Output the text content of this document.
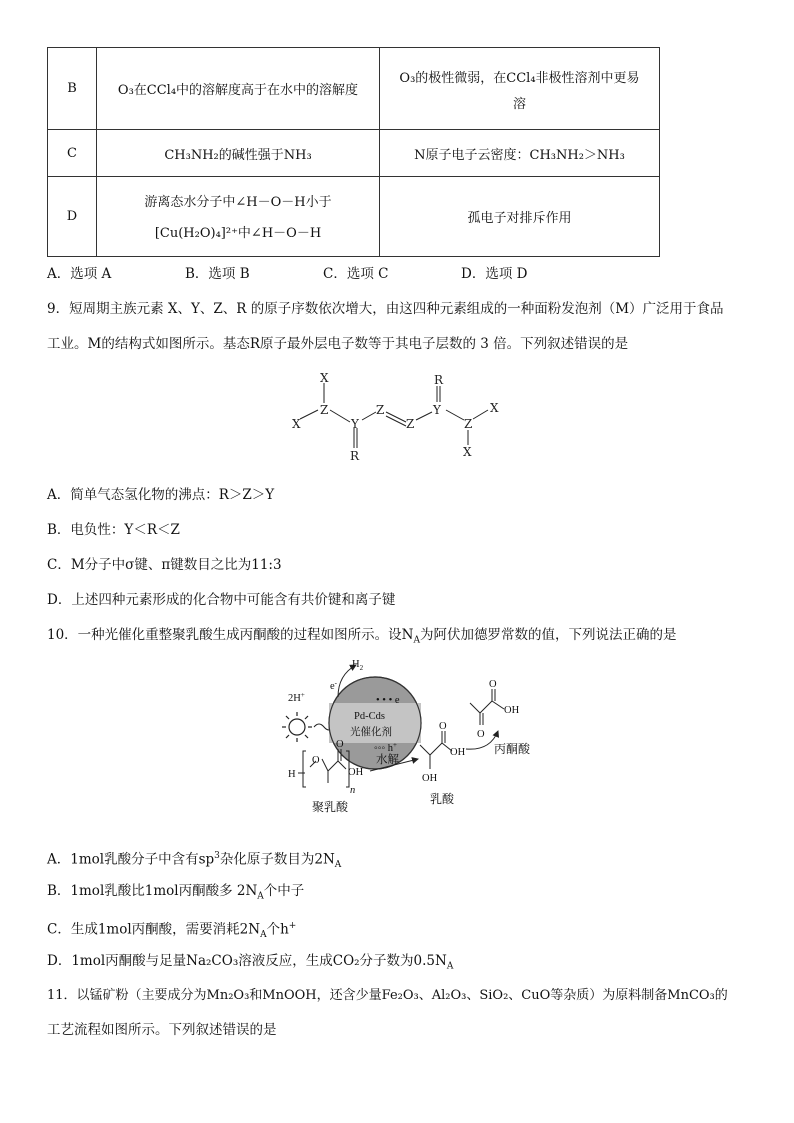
B	O₃在CCl₄中的溶解度高于在水中的溶解度	O₃的极性微弱，在CCl₄非极性溶剂中更易
溶

C	CH₃NH₂的碱性强于NH₃	N原子电子云密度：CH₃NH₂＞NH₃
D	游离态水分子中∠H－O－H小于
[Cu(H₂O)₄]²⁺中∠H－O－H	孤电子对排斥作用
A．选项 A	B．选项 B	C．选项 C	D．选项 D
9．短周期主族元素 X、Y、Z、R 的原子序数依次增大，由这四种元素组成的一种面粉发泡剂（M）广泛用于食品
工业。M的结构式如图所示。基态R原子最外层电子数等于其电子层数的 3 倍。下列叙述错误的是
X
Z
X	Y
R
Z
Z
R
Y
Z
X
X
A．简单气态氢化物的沸点：R＞Z＞Y
B．电负性：Y＜R＜Z
C．M分子中σ键、π键数目之比为11:3
D．上述四种元素形成的化合物中可能含有共价键和离子键
10．一种光催化重整聚乳酸生成丙酮酸的过程如图所示。设$N_A$为阿伏加德罗常数的值，下列说法正确的是
$H_2$
2H+
e-
• • • e
Pd-Cds
光催化剂
◦◦◦ h+
H
O
O
OH
n
聚乳酸
水解
O
OH
OH
乳酸
O
OH
O
丙酮酸
A．1mol乳酸分子中含有$sp^3$杂化原子数目为$2N_A$
B．1mol乳酸比1mol丙酮酸多 $2N_A$个中子
C．生成1mol丙酮酸，需要消耗$2N_A$个h+
D．1mol丙酮酸与足量Na₂CO₃溶液反应，生成CO₂分子数为$0.5N_A$
11．以锰矿粉（主要成分为Mn₂O₃和MnOOH，还含少量Fe₂O₃、Al₂O₃、SiO₂、CuO等杂质）为原料制备MnCO₃的
工艺流程如图所示。下列叙述错误的是
